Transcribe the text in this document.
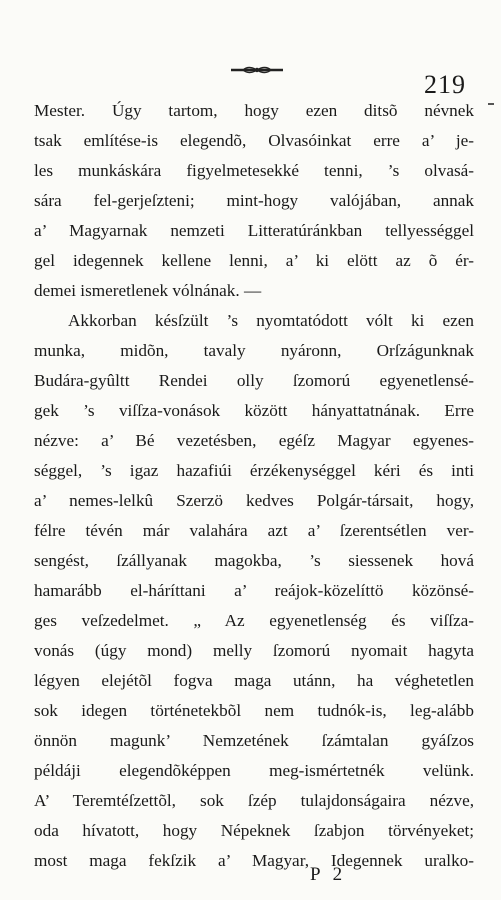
219
Mester. Úgy tartom, hogy ezen ditsõ névnek
tsak említése-is elegendõ, Olvasóinkat erre a’ je-
les munkáskára figyelmetesekké tenni, ’s olvasá-
sára fel-gerjeſzteni; mint-hogy valójában, annak
a’ Magyarnak nemzeti Litteratúránkban tellyességgel
gel idegennek kellene lenni, a’ ki elött az õ ér-
demei ismeretlenek vólnának. —
Akkorban késſzült ’s nyomtatódott vólt ki ezen
munka, midõn, tavaly nyáronn, Orſzágunknak
Budára-gyûltt Rendei olly ſzomorú egyenetlensé-
gek ’s viſſza-vonások között hányattatnának. Erre
nézve: a’ Bé vezetésben, egéſz Magyar egyenes-
séggel, ’s igaz hazafiúi érzékenységgel kéri és inti
a’ nemes-lelkû Szerzö kedves Polgár-társait, hogy,
félre tévén már valahára azt a’ ſzerentsétlen ver-
sengést, ſzállyanak magokba, ’s siessenek hová
hamarább el-háríttani a’ reájok-közelíttö közönsé-
ges veſzedelmet. „ Az egyenetlenség és viſſza-
vonás (úgy mond) melly ſzomorú nyomait hagyta
légyen elejétõl fogva maga utánn, ha véghetetlen
sok idegen történetekbõl nem tudnók-is, leg-alább
önnön magunk’ Nemzetének ſzámtalan gyáſzos
példáji elegendõképpen meg-ismértetnék velünk.
A’ Teremtéſzettõl, sok ſzép tulajdonságaira nézve,
oda hívatott, hogy Népeknek ſzabjon törvényeket;
most maga fekſzik a’ Magyar, Idegennek uralko-
P 2
